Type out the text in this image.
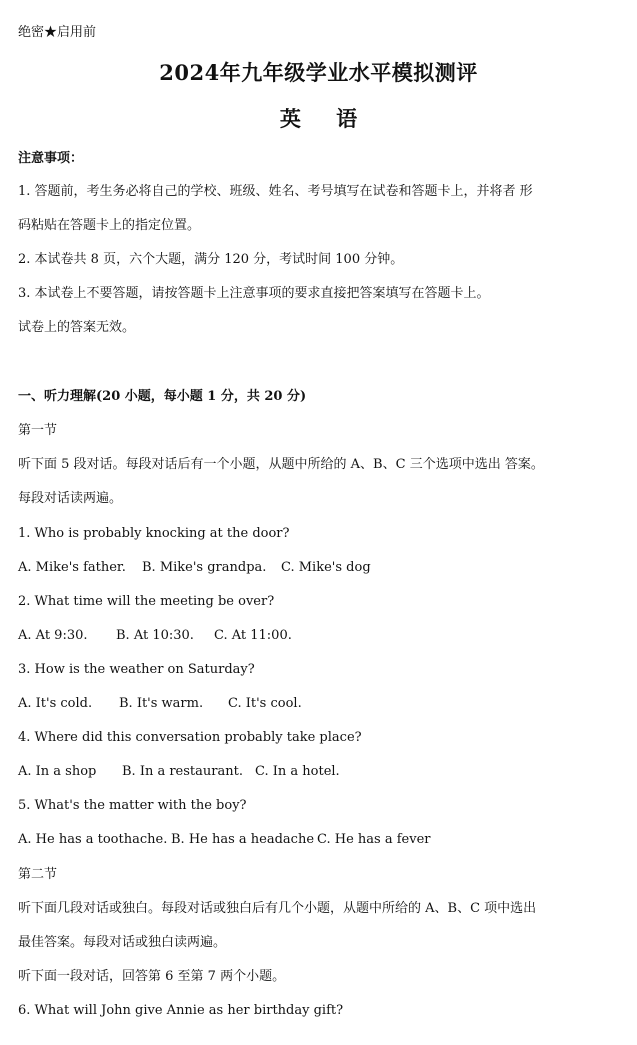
绝密★启用前
2024年九年级学业水平模拟测评
英 语
注意事项：
1. 答题前，考生务必将自己的学校、班级、姓名、考号填写在试卷和答题卡上，并将者 形
码粘贴在答题卡上的指定位置。
2. 本试卷共 8 页，六个大题，满分 120 分，考试时间 100 分钟。
3. 本试卷上不要答题，请按答题卡上注意事项的要求直接把答案填写在答题卡上。
试卷上的答案无效。
一、听力理解(20 小题，每小题 1 分，共 20 分)
第一节
听下面 5 段对话。每段对话后有一个小题，从题中所给的 A、B、C 三个选项中选出 答案。
每段对话读两遍。
1. Who is probably knocking at the door?
A. Mike's father. B. Mike's grandpa. C. Mike's dog
2. What time will the meeting be over?
A. At 9:30. B. At 10:30. C. At 11:00.
3. How is the weather on Saturday?
A. It's cold. B. It's warm. C. It's cool.
4. Where did this conversation probably take place?
A. In a shop B. In a restaurant. C. In a hotel.
5. What's the matter with the boy?
A. He has a toothache. B. He has a headache C. He has a fever
第二节
听下面几段对话或独白。每段对话或独白后有几个小题，从题中所给的 A、B、C 项中选出
最佳答案。每段对话或独白读两遍。
听下面一段对话，回答第 6 至第 7 两个小题。
6. What will John give Annie as her birthday gift?
